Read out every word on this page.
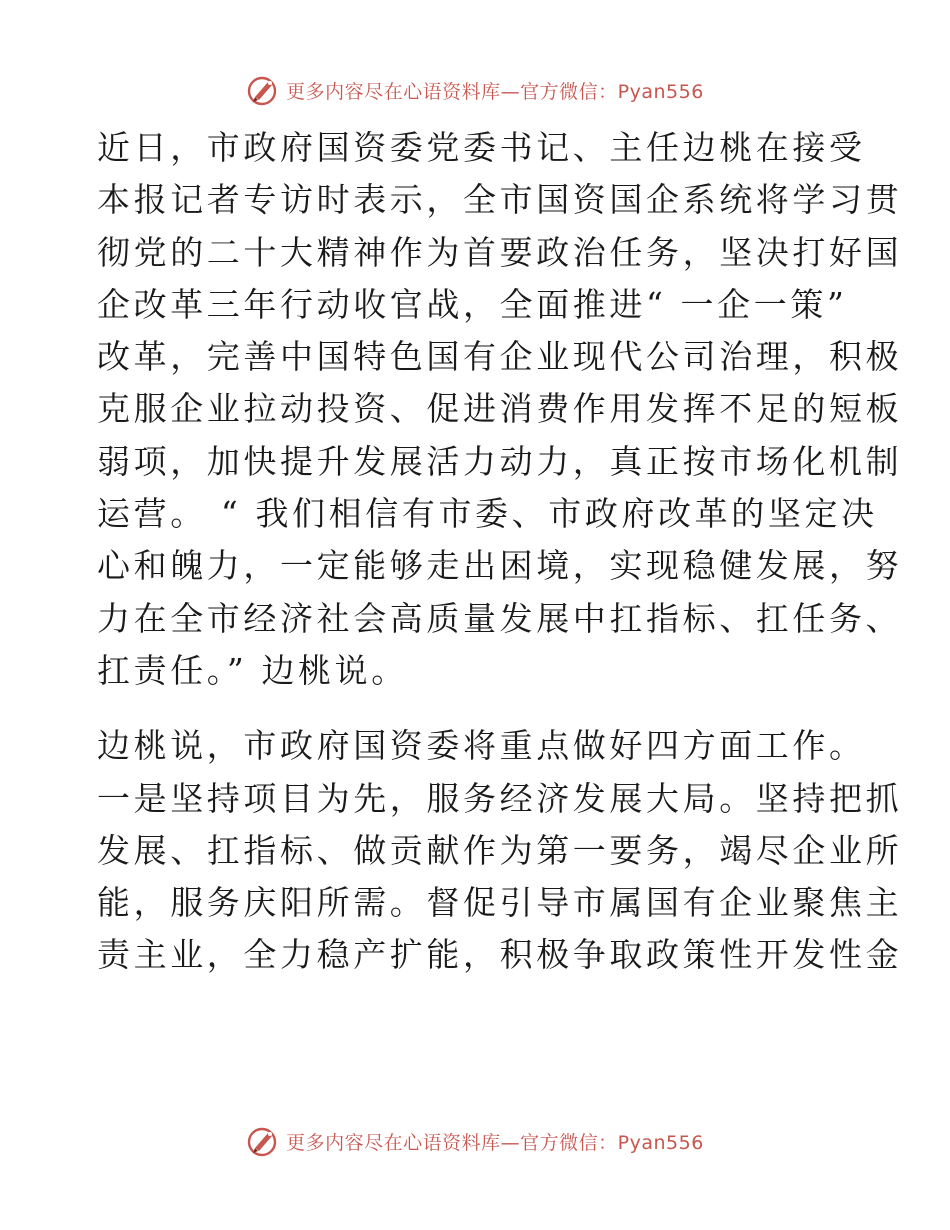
更多内容尽在心语资料库—官方微信：Pyan556

近日，市政府国资委党委书记、主任边桃在接受
本报记者专访时表示，全市国资国企系统将学习贯
彻党的二十大精神作为首要政治任务，坚决打好国
企改革三年行动收官战，全面推进“ 一企一策”
改革，完善中国特色国有企业现代公司治理，积极
克服企业拉动投资、促进消费作用发挥不足的短板
弱项，加快提升发展活力动力，真正按市场化机制
运营。 “ 我们相信有市委、市政府改革的坚定决
心和魄力，一定能够走出困境，实现稳健发展，努
力在全市经济社会高质量发展中扛指标、扛任务、
扛责任。” 边桃说。

边桃说，市政府国资委将重点做好四方面工作。
一是坚持项目为先，服务经济发展大局。坚持把抓
发展、扛指标、做贡献作为第一要务，竭尽企业所
能，服务庆阳所需。督促引导市属国有企业聚焦主
责主业，全力稳产扩能，积极争取政策性开发性金

更多内容尽在心语资料库—官方微信：Pyan556
